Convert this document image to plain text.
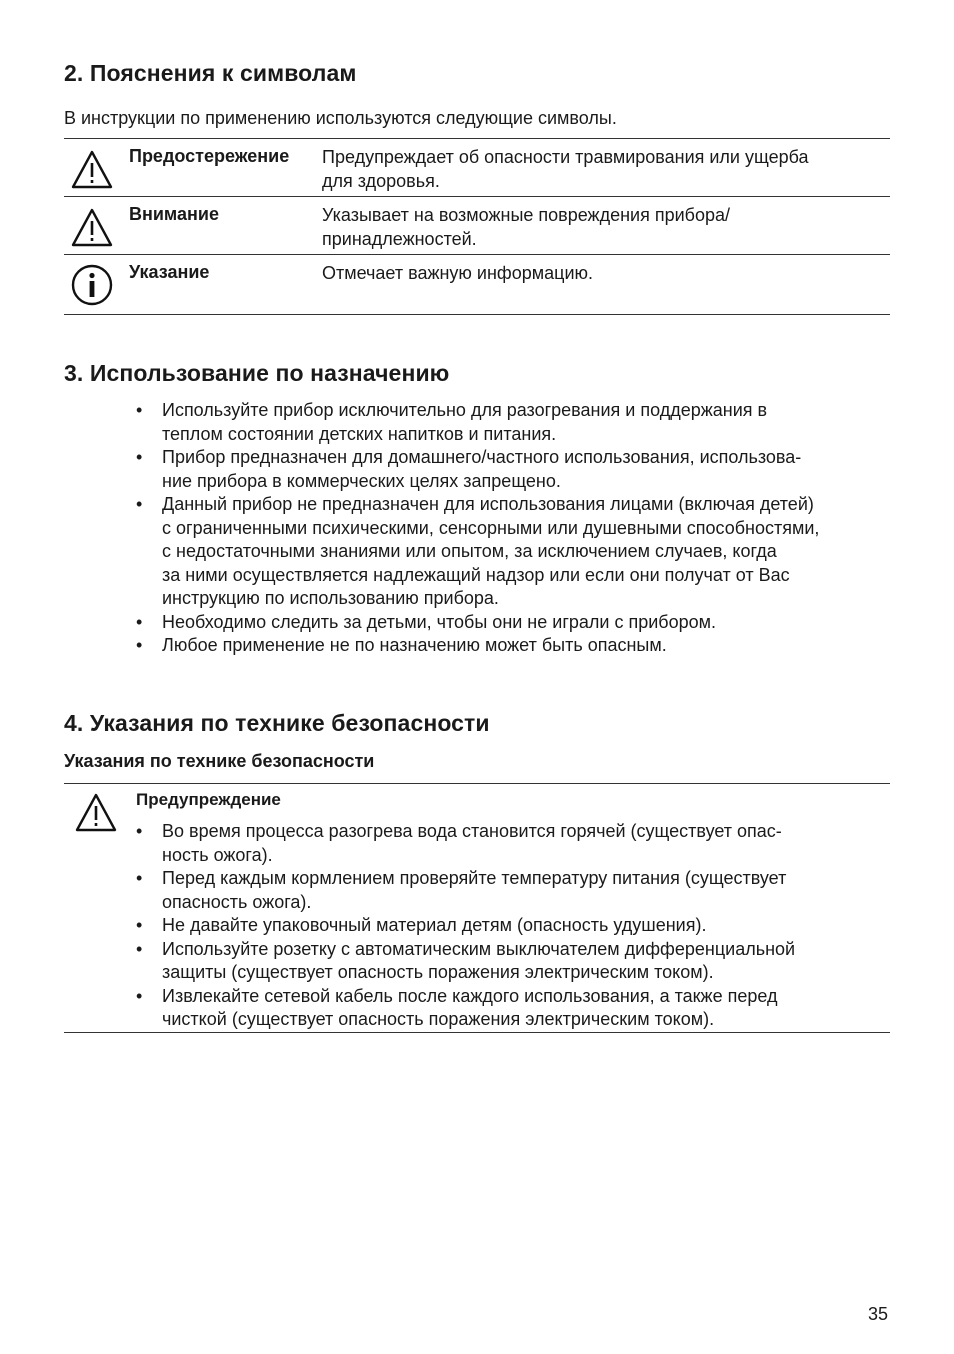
2. Пояснения к символам

В инструкции по применению используются следующие символы.

Предостережение Предупреждает об опасности травмирования или ущерба
для здоровья.
Внимание	Указывает на возможные повреждения прибора/
принадлежностей.
Указание	Отмечает важную информацию.
3. Использование по назначению
• Используйте прибор исключительно для разогревания и поддержания в
теплом состоянии детских напитков и питания.
• Прибор предназначен для домашнего/частного использования, использова-
ние прибора в коммерческих целях запрещено.
• Данный прибор не предназначен для использования лицами (включая детей)
с ограниченными психическими, сенсорными или душевными способностями,
с недостаточными знаниями или опытом, за исключением случаев, когда
за ними осуществляется надлежащий надзор или если они получат от Вас
инструкцию по использованию прибора.
• Необходимо следить за детьми, чтобы они не играли с прибором.
• Любое применение не по назначению может быть опасным.
4. Указания по технике безопасности

Указания по технике безопасности

Предупреждение
• Во время процесса разогрева вода становится горячей (существует опас-
ность ожога).
• Перед каждым кормлением проверяйте температуру питания (существует
опасность ожога).
• Не давайте упаковочный материал детям (опасность удушения).
• Используйте розетку с автоматическим выключателем дифференциальной
защиты (существует опасность поражения электрическим током).
• Извлекайте сетевой кабель после каждого использования, а также перед
чисткой (существует опасность поражения электрическим током).
35
